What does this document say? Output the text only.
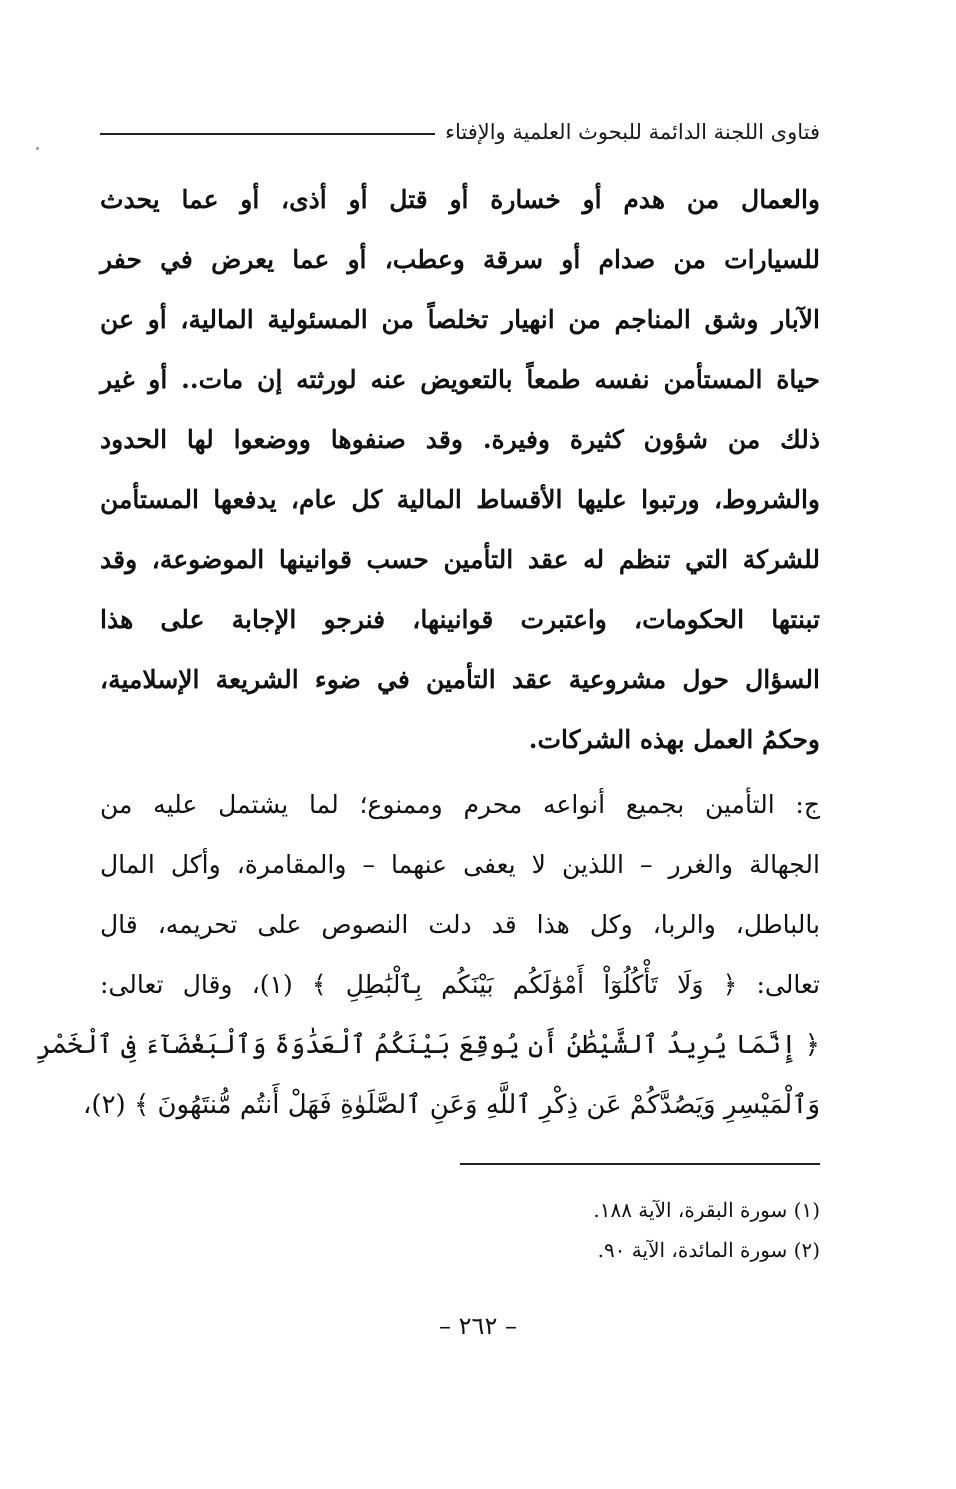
فتاوى اللجنة الدائمة للبحوث العلمية والإفتاء
والعمال من هدم أو خسارة أو قتل أو أذى، أو عما يحدث
للسيارات من صدام أو سرقة وعطب، أو عما يعرض في حفر
الآبار وشق المناجم من انهيار تخلصاً من المسئولية المالية، أو عن
حياة المستأمن نفسه طمعاً بالتعويض عنه لورثته إن مات.. أو غير
ذلك من شؤون كثيرة وفيرة. وقد صنفوها ووضعوا لها الحدود
والشروط، ورتبوا عليها الأقساط المالية كل عام، يدفعها المستأمن
للشركة التي تنظم له عقد التأمين حسب قوانينها الموضوعة، وقد
تبنتها الحكومات، واعتبرت قوانينها، فنرجو الإجابة على هذا
السؤال حول مشروعية عقد التأمين في ضوء الشريعة الإسلامية،
وحكمُ العمل بهذه الشركات.
ج: التأمين بجميع أنواعه محرم وممنوع؛ لما يشتمل عليه من
الجهالة والغرر – اللذين لا يعفى عنهما – والمقامرة، وأكل المال
بالباطل، والربا، وكل هذا قد دلت النصوص على تحريمه، قال
تعالى: ﴿ وَلَا تَأْكُلُوٓاْ أَمْوَٰلَكُم بَيْنَكُم بِٱلْبَٰطِلِ ﴾ (١)، وقال تعالى:
﴿ إِنَّمَا يُرِيدُ ٱلشَّيْطَٰنُ أَن يُوقِعَ بَيْنَكُمُ ٱلْعَدَٰوَةَ وَٱلْبَغْضَآءَ فِى ٱلْخَمْرِ
وَٱلْمَيْسِرِ وَيَصُدَّكُمْ عَن ذِكْرِ ٱللَّهِ وَعَنِ ٱلصَّلَوٰةِ فَهَلْ أَنتُم مُّنتَهُونَ ﴾ (٢)،
(١) سورة البقرة، الآية ١٨٨.
(٢) سورة المائدة، الآية ٩٠.
– ٢٦٢ –
